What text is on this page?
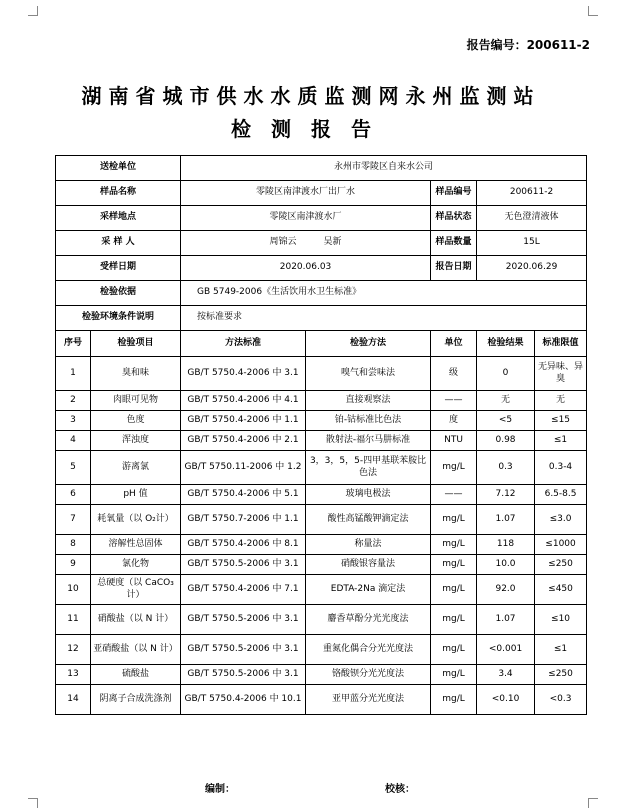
报告编号：200611-2
湖南省城市供水水质监测网永州监测站
检测报告
送检单位		永州市零陵区自来水公司				
样品名称		零陵区南津渡水厂出厂水		样品编号	200611-2	
采样地点		零陵区南津渡水厂		样品状态	无色澄清液体	
采 样 人		周锦云　　　吴新		样品数量	15L	
受样日期		2020.06.03		报告日期	2020.06.29	
检验依据		GB 5749-2006《生活饮用水卫生标准》				
检验环境条件说明		按标准要求				
序号	检验项目	方法标准	检验方法	单位	检验结果	标准限值
1	臭和味	GB/T 5750.4-2006 中 3.1	嗅气和尝味法	级	0	无异味、异臭
2	肉眼可见物	GB/T 5750.4-2006 中 4.1	直接观察法	——	无	无
3	色度	GB/T 5750.4-2006 中 1.1	铂-钴标准比色法	度	<5	≤15
4	浑浊度	GB/T 5750.4-2006 中 2.1	散射法-福尔马肼标准	NTU	0.98	≤1
5	游离氯	GB/T 5750.11-2006 中 1.2	3，3，5，5-四甲基联苯胺比色法	mg/L	0.3	0.3-4
6	pH 值	GB/T 5750.4-2006 中 5.1	玻璃电极法	——	7.12	6.5-8.5
7	耗氧量（以 O₂计）	GB/T 5750.7-2006 中 1.1	酸性高锰酸钾滴定法	mg/L	1.07	≤3.0
8	溶解性总固体	GB/T 5750.4-2006 中 8.1	称量法	mg/L	118	≤1000
9	氯化物	GB/T 5750.5-2006 中 3.1	硝酸银容量法	mg/L	10.0	≤250
10	总硬度（以 CaCO₃计）	GB/T 5750.4-2006 中 7.1	EDTA-2Na 滴定法	mg/L	92.0	≤450
11	硝酸盐（以 N 计）	GB/T 5750.5-2006 中 3.1	麝香草酚分光光度法	mg/L	1.07	≤10
12	亚硝酸盐（以 N 计）	GB/T 5750.5-2006 中 3.1	重氮化偶合分光光度法	mg/L	<0.001	≤1
13	硫酸盐	GB/T 5750.5-2006 中 3.1	铬酸钡分光光度法	mg/L	3.4	≤250
14	阴离子合成洗涤剂	GB/T 5750.4-2006 中 10.1	亚甲蓝分光光度法	mg/L	<0.10	<0.3
编制：	校核：
